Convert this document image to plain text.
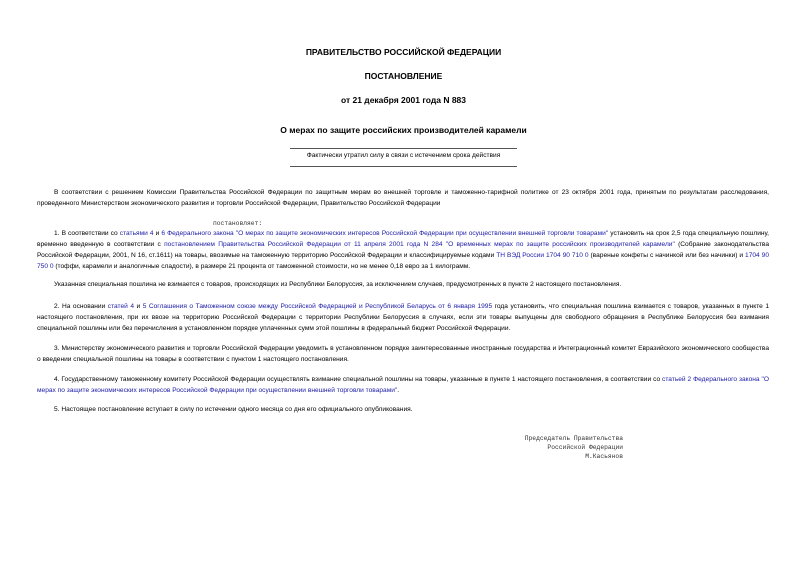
ПРАВИТЕЛЬСТВО РОССИЙСКОЙ ФЕДЕРАЦИИ
ПОСТАНОВЛЕНИЕ
от 21 декабря 2001 года N 883
О мерах по защите российских производителей карамели
Фактически утратил силу в связи с истечением срока действия
В соответствии с решением Комиссии Правительства Российской Федерации по защитным мерам во внешней торговле и таможенно-тарифной политике от 23 октября 2001 года, принятым по результатам расследования, проведенного Министерством экономического развития и торговли Российской Федерации, Правительство Российской Федерации
постановляет:
1. В соответствии со статьями 4 и 6 Федерального закона "О мерах по защите экономических интересов Российской Федерации при осуществлении внешней торговли товарами" установить на срок 2,5 года специальную пошлину, временно введенную в соответствии с постановлением Правительства Российской Федерации от 11 апреля 2001 года N 284 "О временных мерах по защите российских производителей карамели" (Собрание законодательства Российской Федерации, 2001, N 16, ст.1611) на товары, ввозимые на таможенную территорию Российской Федерации и классифицируемые кодами ТН ВЭД России 1704 90 710 0 (вареные конфеты с начинкой или без начинки) и 1704 90 750 0 (тоффи, карамели и аналогичные сладости), в размере 21 процента от таможенной стоимости, но не менее 0,18 евро за 1 килограмм.
Указанная специальная пошлина не взимается с товаров, происходящих из Республики Белоруссия, за исключением случаев, предусмотренных в пункте 2 настоящего постановления.
2. На основании статей 4 и 5 Соглашения о Таможенном союзе между Российской Федерацией и Республикой Беларусь от 6 января 1995 года установить, что специальная пошлина взимается с товаров, указанных в пункте 1 настоящего постановления, при их ввозе на территорию Российской Федерации с территории Республики Белоруссия в случаях, если эти товары выпущены для свободного обращения в Республике Белоруссия без взимания специальной пошлины или без перечисления в установленном порядке уплаченных сумм этой пошлины в федеральный бюджет Российской Федерации.
3. Министерству экономического развития и торговли Российской Федерации уведомить в установленном порядке заинтересованные иностранные государства и Интеграционный комитет Евразийского экономического сообщества о введении специальной пошлины на товары в соответствии с пунктом 1 настоящего постановления.
4. Государственному таможенному комитету Российской Федерации осуществлять взимание специальной пошлины на товары, указанные в пункте 1 настоящего постановления, в соответствии со статьей 2 Федерального закона "О мерах по защите экономических интересов Российской Федерации при осуществлении внешней торговли товарами".
5. Настоящее постановление вступает в силу по истечении одного месяца со дня его официального опубликования.
Председатель Правительства
Российской Федерации
М.Касьянов
